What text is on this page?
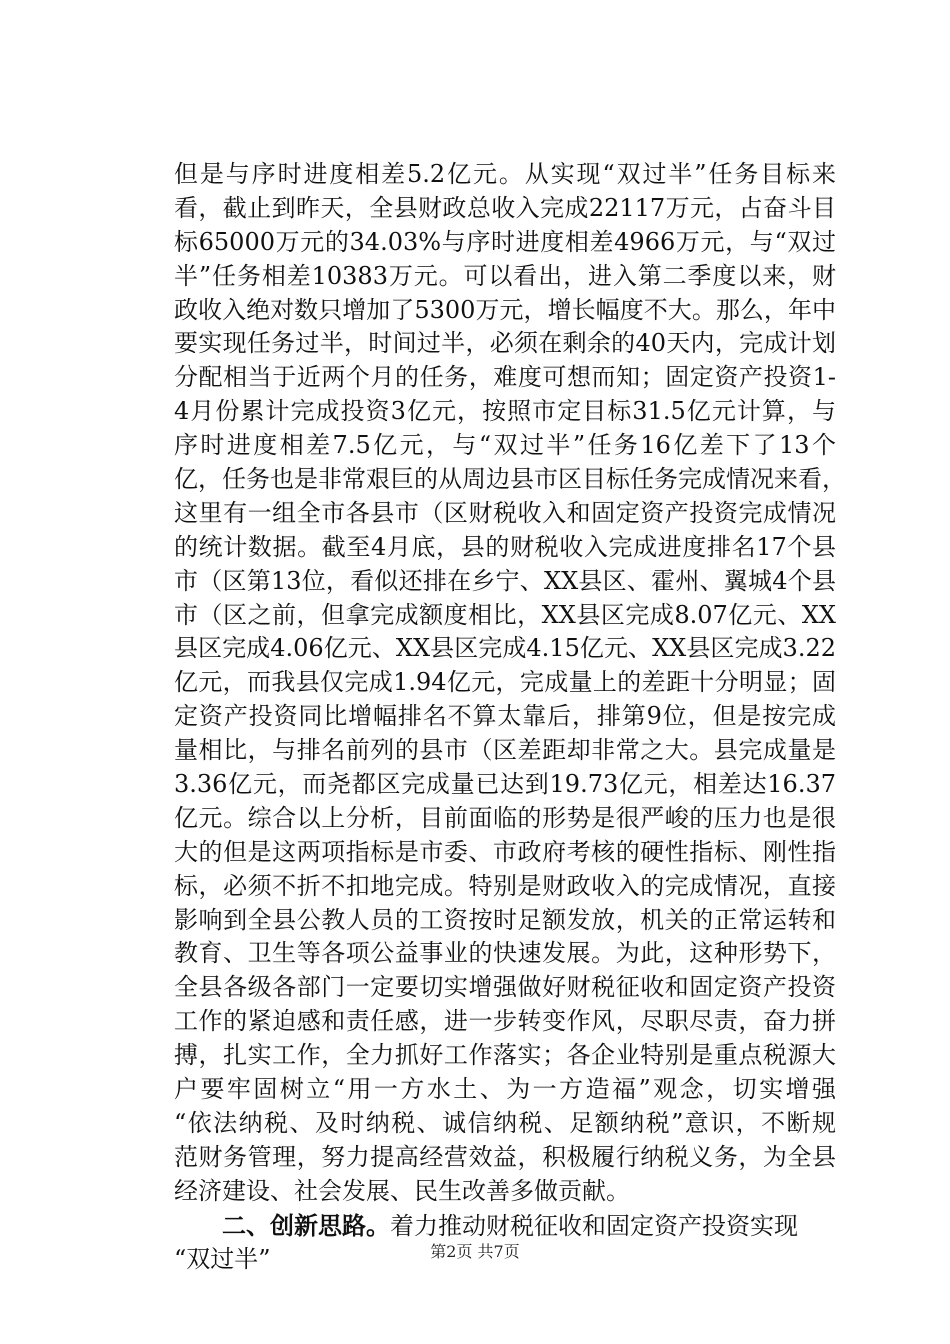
但是与序时进度相差5.2亿元。从实现“双过半”任务目标来
看，截止到昨天，全县财政总收入完成22117万元，占奋斗目
标65000万元的34.03%与序时进度相差4966万元，与“双过
半”任务相差10383万元。可以看出，进入第二季度以来，财
政收入绝对数只增加了5300万元，增长幅度不大。那么，年中
要实现任务过半，时间过半，必须在剩余的40天内，完成计划
分配相当于近两个月的任务，难度可想而知；固定资产投资1-
4月份累计完成投资3亿元，按照市定目标31.5亿元计算，与
序时进度相差7.5亿元，与“双过半”任务16亿差下了13个
亿，任务也是非常艰巨的从周边县市区目标任务完成情况来看，
这里有一组全市各县市（区财税收入和固定资产投资完成情况
的统计数据。截至4月底，县的财税收入完成进度排名17个县
市（区第13位，看似还排在乡宁、XX县区、霍州、翼城4个县
市（区之前，但拿完成额度相比，XX县区完成8.07亿元、XX
县区完成4.06亿元、XX县区完成4.15亿元、XX县区完成3.22
亿元，而我县仅完成1.94亿元，完成量上的差距十分明显；固
定资产投资同比增幅排名不算太靠后，排第9位，但是按完成
量相比，与排名前列的县市（区差距却非常之大。县完成量是
3.36亿元，而尧都区完成量已达到19.73亿元，相差达16.37
亿元。综合以上分析，目前面临的形势是很严峻的压力也是很
大的但是这两项指标是市委、市政府考核的硬性指标、刚性指
标，必须不折不扣地完成。特别是财政收入的完成情况，直接
影响到全县公教人员的工资按时足额发放，机关的正常运转和
教育、卫生等各项公益事业的快速发展。为此，这种形势下，
全县各级各部门一定要切实增强做好财税征收和固定资产投资
工作的紧迫感和责任感，进一步转变作风，尽职尽责，奋力拼
搏，扎实工作，全力抓好工作落实；各企业特别是重点税源大
户要牢固树立“用一方水土、为一方造福”观念，切实增强
“依法纳税、及时纳税、诚信纳税、足额纳税”意识，不断规
范财务管理，努力提高经营效益，积极履行纳税义务，为全县
经济建设、社会发展、民生改善多做贡献。
二、创新思路。着力推动财税征收和固定资产投资实现
“双过半”	第2页 共7页
